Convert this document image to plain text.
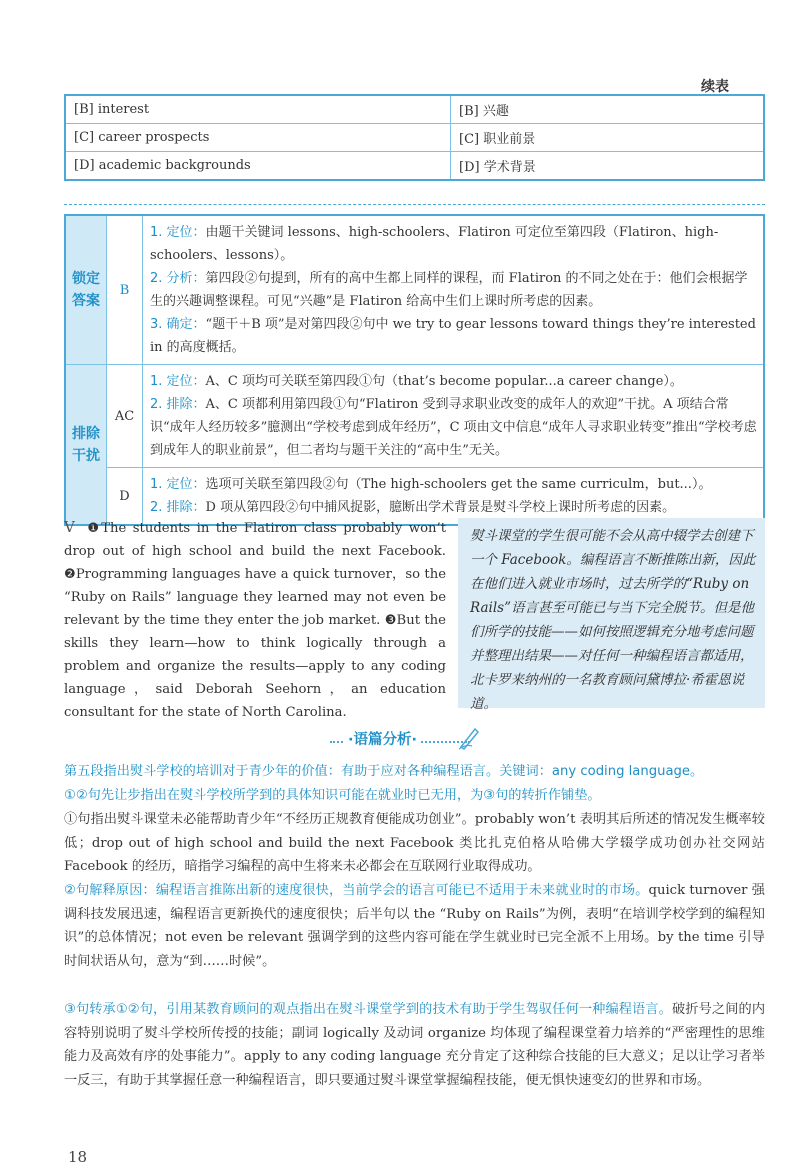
续表
[B] interest	[B] 兴趣
[C] career prospects	[C] 职业前景
[D] academic backgrounds	[D] 学术背景
锁定答案	B	1. 定位：由题干关键词 lessons、high-schoolers、Flatiron 可定位至第四段（Flatiron、high-schoolers、lessons）。
2. 分析：第四段②句提到，所有的高中生都上同样的课程，而 Flatiron 的不同之处在于：他们会根据学生的兴趣调整课程。可见“兴趣”是 Flatiron 给高中生们上课时所考虑的因素。
3. 确定：“题干＋B 项”是对第四段②句中 we try to gear lessons toward things they’re interested in 的高度概括。

排除干扰	AC	1. 定位：A、C 项均可关联至第四段①句（that’s become popular...a career change）。
2. 排除：A、C 项都利用第四段①句“Flatiron 受到寻求职业改变的成年人的欢迎”干扰。A 项结合常识“成年人经历较多”臆测出“学校考虑到成年经历”，C 项由文中信息“成年人寻求职业转变”推出“学校考虑到成年人的职业前景”，但二者均与题干关注的“高中生”无关。

	D	1. 定位：选项可关联至第四段②句（The high-schoolers get the same curriculm，but...）。
2. 排除：D 项从第四段②句中捕风捉影，臆断出学术背景是熨斗学校上课时所考虑的因素。
V ❶The students in the Flatiron class probably won’t drop out of high school and build the next Facebook. ❷Programming languages have a quick turnover，so the “Ruby on Rails” language they learned may not even be relevant by the time they enter the job market. ❸But the skills they learn—how to think logically through a problem and organize the results—apply to any coding language，said Deborah Seehorn，an education consultant for the state of North Carolina.
熨斗课堂的学生很可能不会从高中辍学去创建下一个 Facebook。编程语言不断推陈出新，因此在他们进入就业市场时，过去所学的“Ruby on Rails”语言甚至可能已与当下完全脱节。但是他们所学的技能——如何按照逻辑充分地考虑问题并整理出结果——对任何一种编程语言都适用，北卡罗来纳州的一名教育顾问黛博拉·希霍恩说道。
·语篇分析·
第五段指出熨斗学校的培训对于青少年的价值：有助于应对各种编程语言。关键词：any coding language。
①②句先让步指出在熨斗学校所学到的具体知识可能在就业时已无用，为③句的转折作铺垫。
①句指出熨斗课堂未必能帮助青少年“不经历正规教育便能成功创业”。probably won’t 表明其后所述的情况发生概率较低；drop out of high school and build the next Facebook 类比扎克伯格从哈佛大学辍学成功创办社交网站 Facebook 的经历，暗指学习编程的高中生将来未必都会在互联网行业取得成功。
②句解释原因：编程语言推陈出新的速度很快，当前学会的语言可能已不适用于未来就业时的市场。quick turnover 强调科技发展迅速，编程语言更新换代的速度很快；后半句以 the “Ruby on Rails”为例，表明“在培训学校学到的编程知识”的总体情况；not even be relevant 强调学到的这些内容可能在学生就业时已完全派不上用场。by the time 引导时间状语从句，意为“到……时候”。
③句转承①②句，引用某教育顾问的观点指出在熨斗课堂学到的技术有助于学生驾驭任何一种编程语言。破折号之间的内容特别说明了熨斗学校所传授的技能；副词 logically 及动词 organize 均体现了编程课堂着力培养的“严密理性的思维能力及高效有序的处事能力”。apply to any coding language 充分肯定了这种综合技能的巨大意义；足以让学习者举一反三，有助于其掌握任意一种编程语言，即只要通过熨斗课堂掌握编程技能，便无惧快速变幻的世界和市场。
18
